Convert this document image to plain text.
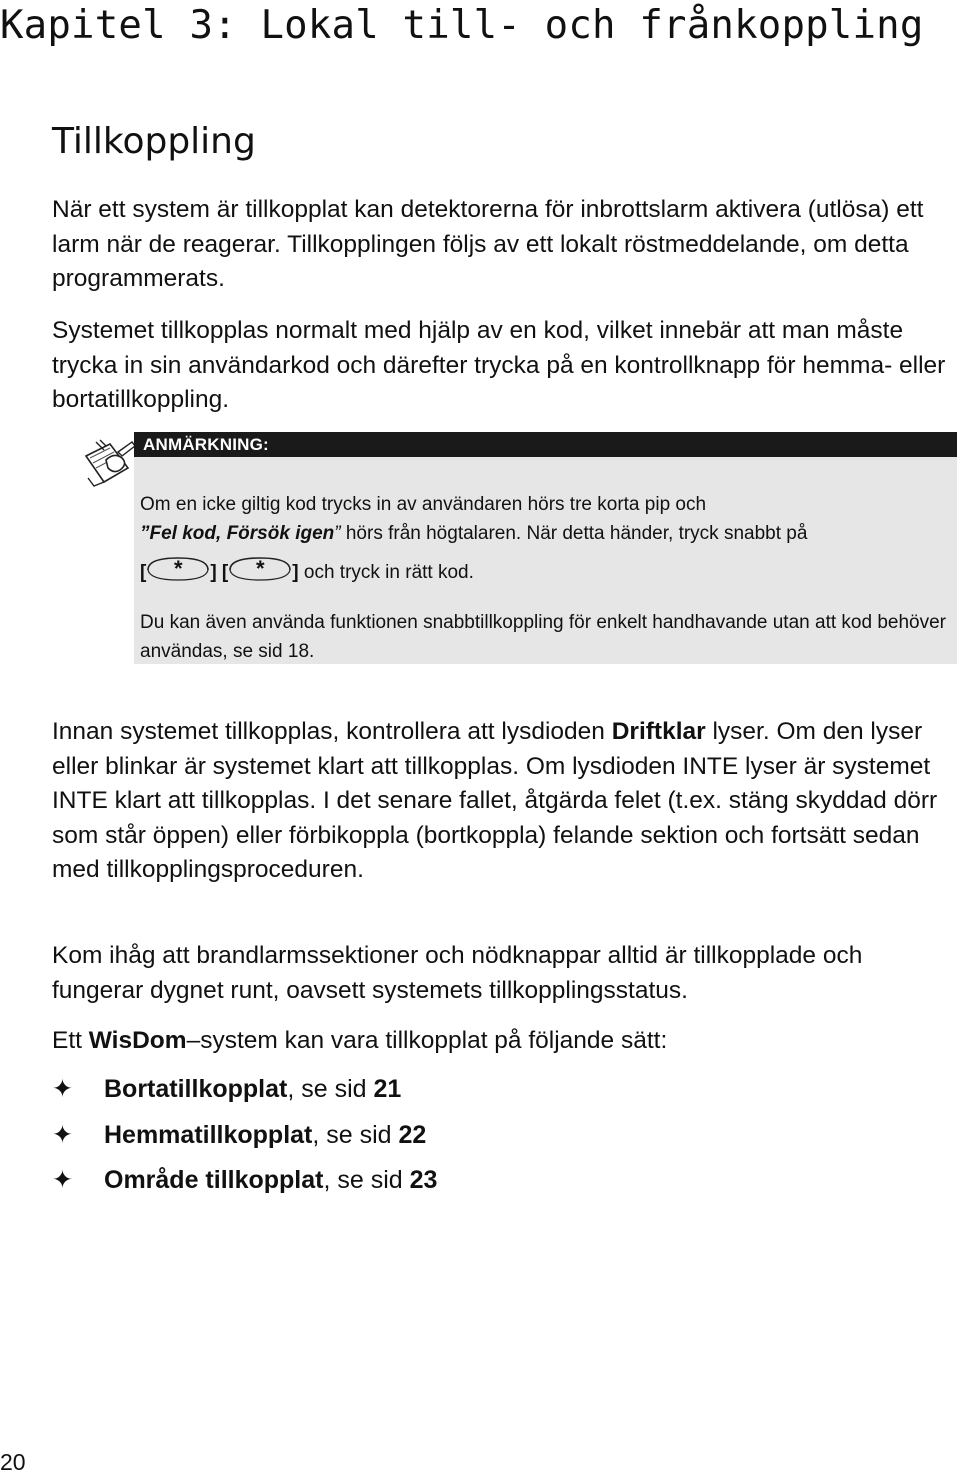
Kapitel 3: Lokal till- och frånkoppling
Tillkoppling

När ett system är tillkopplat kan detektorerna för inbrottslarm aktivera (utlösa) ett larm när de reagerar. Tillkopplingen följs av ett lokalt röstmeddelande, om detta programmerats.

Systemet tillkopplas normalt med hjälp av en kod, vilket innebär att man måste trycka in sin användarkod och därefter trycka på en kontrollknapp för hemma- eller bortatillkoppling.

ANMÄRKNING:

Om en icke giltig kod trycks in av användaren hörs tre korta pip och

”Fel kod, Försök igen” hörs från högtalaren. När detta händer, tryck snabbt på

[	*	] [	*	] och tryck in rätt kod.

Du kan även använda funktionen snabbtillkoppling för enkelt handhavande utan att kod behöver användas, se sid 18.

Innan systemet tillkopplas, kontrollera att lysdioden Driftklar lyser. Om den lyser eller blinkar är systemet klart att tillkopplas. Om lysdioden INTE lyser är systemet INTE klart att tillkopplas. I det senare fallet, åtgärda felet (t.ex. stäng skyddad dörr som står öppen) eller förbikoppla (bortkoppla) felande sektion och fortsätt sedan med tillkopplingsproceduren.

Kom ihåg att brandlarmssektioner och nödknappar alltid är tillkopplade och fungerar dygnet runt, oavsett systemets tillkopplingsstatus.

Ett WisDom–system kan vara tillkopplat på följande sätt:

✦ Bortatillkopplat, se sid 21
✦ Hemmatillkopplat, se sid 22
✦ Område tillkopplat, se sid 23
20
